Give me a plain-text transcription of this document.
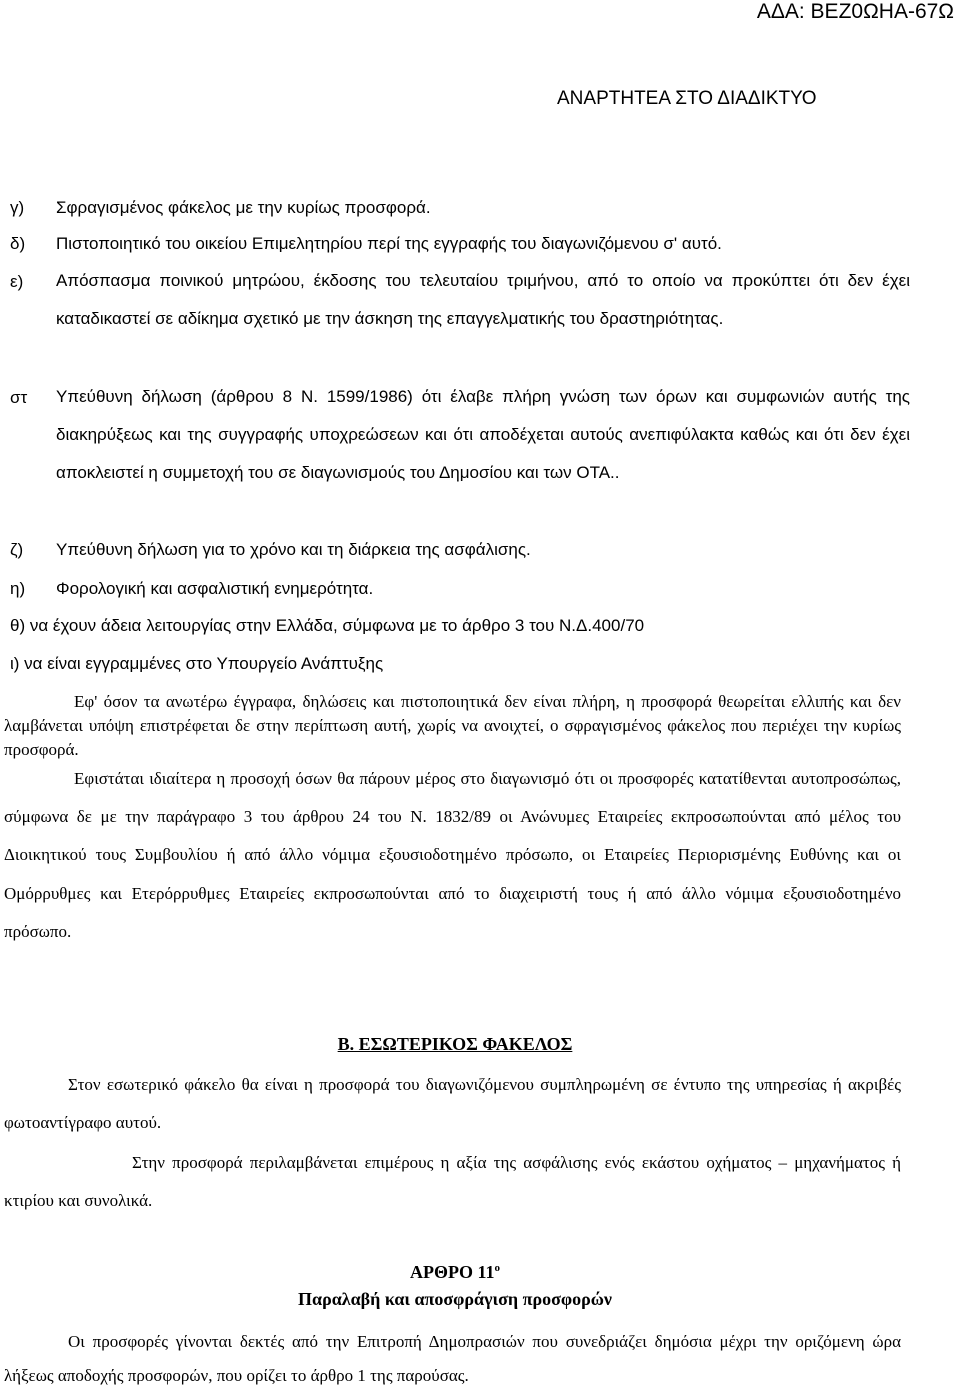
ΑΔΑ: ΒΕΖ0ΩΗΑ-67Ω
ΑΝΑΡΤΗΤΕΑ ΣΤΟ ΔΙΑΔΙΚΤΥΟ
γ) Σφραγισμένος φάκελος με την κυρίως προσφορά.
δ) Πιστοποιητικό του οικείου Επιμελητηρίου περί της εγγραφής του διαγωνιζόμενου σ' αυτό.
ε) Απόσπασμα ποινικού μητρώου, έκδοσης του τελευταίου τριμήνου, από το οποίο να προκύπτει ότι δεν έχει καταδικαστεί σε αδίκημα σχετικό με την άσκηση της επαγγελματικής του δραστηριότητας.
στ Υπεύθυνη δήλωση (άρθρου 8 Ν. 1599/1986) ότι έλαβε πλήρη γνώση των όρων και συμφωνιών αυτής της διακηρύξεως και της συγγραφής υποχρεώσεων και ότι αποδέχεται αυτούς ανεπιφύλακτα καθώς και ότι δεν έχει αποκλειστεί η συμμετοχή του σε διαγωνισμούς του Δημοσίου και των ΟΤΑ..
ζ) Υπεύθυνη δήλωση για το χρόνο και τη διάρκεια της ασφάλισης.
η) Φορολογική και ασφαλιστική ενημερότητα.
θ) να έχουν άδεια λειτουργίας στην Ελλάδα, σύμφωνα με το άρθρο 3 του Ν.Δ.400/70
ι) να είναι εγγραμμένες στο Υπουργείο Ανάπτυξης
Εφ' όσον τα ανωτέρω έγγραφα, δηλώσεις και πιστοποιητικά δεν είναι πλήρη, η προσφορά θεωρείται ελλιπής και δεν λαμβάνεται υπόψη επιστρέφεται δε στην περίπτωση αυτή, χωρίς να ανοιχτεί, ο σφραγισμένος φάκελος που περιέχει την κυρίως προσφορά.
Εφιστάται ιδιαίτερα η προσοχή όσων θα πάρουν μέρος στο διαγωνισμό ότι οι προσφορές κατατίθενται αυτοπροσώπως, σύμφωνα δε με την παράγραφο 3 του άρθρου 24 του Ν. 1832/89 οι Ανώνυμες Εταιρείες εκπροσωπούνται από μέλος του Διοικητικού τους Συμβουλίου ή από άλλο νόμιμα εξουσιοδοτημένο πρόσωπο, οι Εταιρείες Περιορισμένης Ευθύνης και οι Ομόρρυθμες και Ετερόρρυθμες Εταιρείες εκπροσωπούνται από το διαχειριστή τους ή από άλλο νόμιμα εξουσιοδοτημένο πρόσωπο.
Β. ΕΣΩΤΕΡΙΚΟΣ ΦΑΚΕΛΟΣ
Στον εσωτερικό φάκελο θα είναι η προσφορά του διαγωνιζόμενου συμπληρωμένη σε έντυπο της υπηρεσίας ή ακριβές φωτοαντίγραφο αυτού.
Στην προσφορά περιλαμβάνεται επιμέρους η αξία της ασφάλισης ενός εκάστου οχήματος – μηχανήματος ή κτιρίου και συνολικά.
ΑΡΘΡΟ $11^o$
Παραλαβή και αποσφράγιση προσφορών
Οι προσφορές γίνονται δεκτές από την Επιτροπή Δημοπρασιών που συνεδριάζει δημόσια μέχρι την οριζόμενη ώρα λήξεως αποδοχής προσφορών, που ορίζει το άρθρο 1 της παρούσας.
